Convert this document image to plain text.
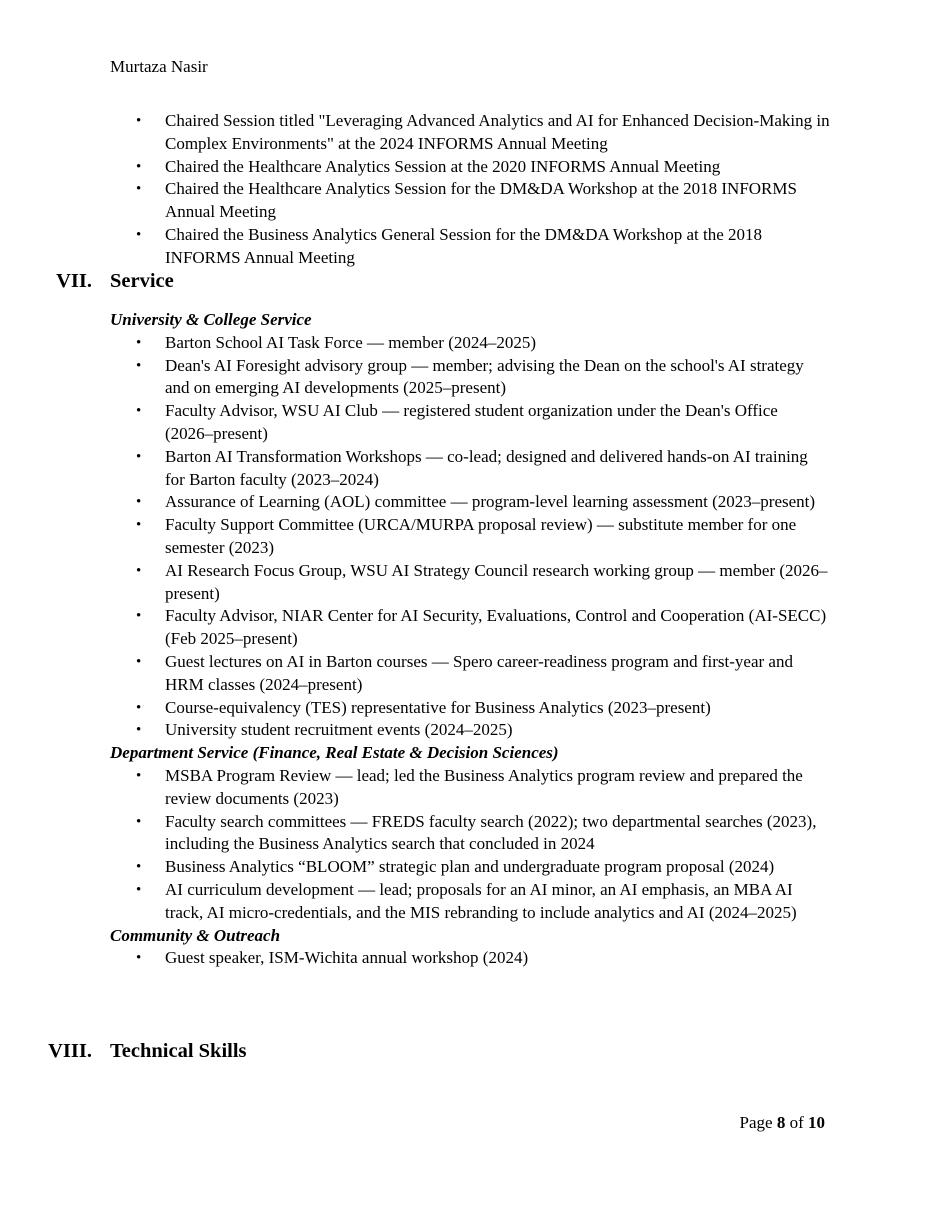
Murtaza Nasir
•	Chaired Session titled "Leveraging Advanced Analytics and AI for Enhanced Decision-Making in Complex Environments" at the 2024 INFORMS Annual Meeting
•	Chaired the Healthcare Analytics Session at the 2020 INFORMS Annual Meeting
•	Chaired the Healthcare Analytics Session for the DM&DA Workshop at the 2018 INFORMS Annual Meeting
•	Chaired the Business Analytics General Session for the DM&DA Workshop at the 2018 INFORMS Annual Meeting
VII. Service
University & College Service
•	Barton School AI Task Force — member (2024–2025)
•	Dean's AI Foresight advisory group — member; advising the Dean on the school's AI strategy and on emerging AI developments (2025–present)
•	Faculty Advisor, WSU AI Club — registered student organization under the Dean's Office (2026–present)
•	Barton AI Transformation Workshops — co-lead; designed and delivered hands-on AI training for Barton faculty (2023–2024)
•	Assurance of Learning (AOL) committee — program-level learning assessment (2023–present)
•	Faculty Support Committee (URCA/MURPA proposal review) — substitute member for one semester (2023)
•	AI Research Focus Group, WSU AI Strategy Council research working group — member (2026–present)
•	Faculty Advisor, NIAR Center for AI Security, Evaluations, Control and Cooperation (AI-SECC) (Feb 2025–present)
•	Guest lectures on AI in Barton courses — Spero career-readiness program and first-year and HRM classes (2024–present)
•	Course-equivalency (TES) representative for Business Analytics (2023–present)
•	University student recruitment events (2024–2025)
Department Service (Finance, Real Estate & Decision Sciences)
•	MSBA Program Review — lead; led the Business Analytics program review and prepared the review documents (2023)
•	Faculty search committees — FREDS faculty search (2022); two departmental searches (2023), including the Business Analytics search that concluded in 2024
•	Business Analytics “BLOOM” strategic plan and undergraduate program proposal (2024)
•	AI curriculum development — lead; proposals for an AI minor, an AI emphasis, an MBA AI track, AI micro-credentials, and the MIS rebranding to include analytics and AI (2024–2025)
Community & Outreach
•	Guest speaker, ISM-Wichita annual workshop (2024)
VIII. Technical Skills
Page 8 of 10
